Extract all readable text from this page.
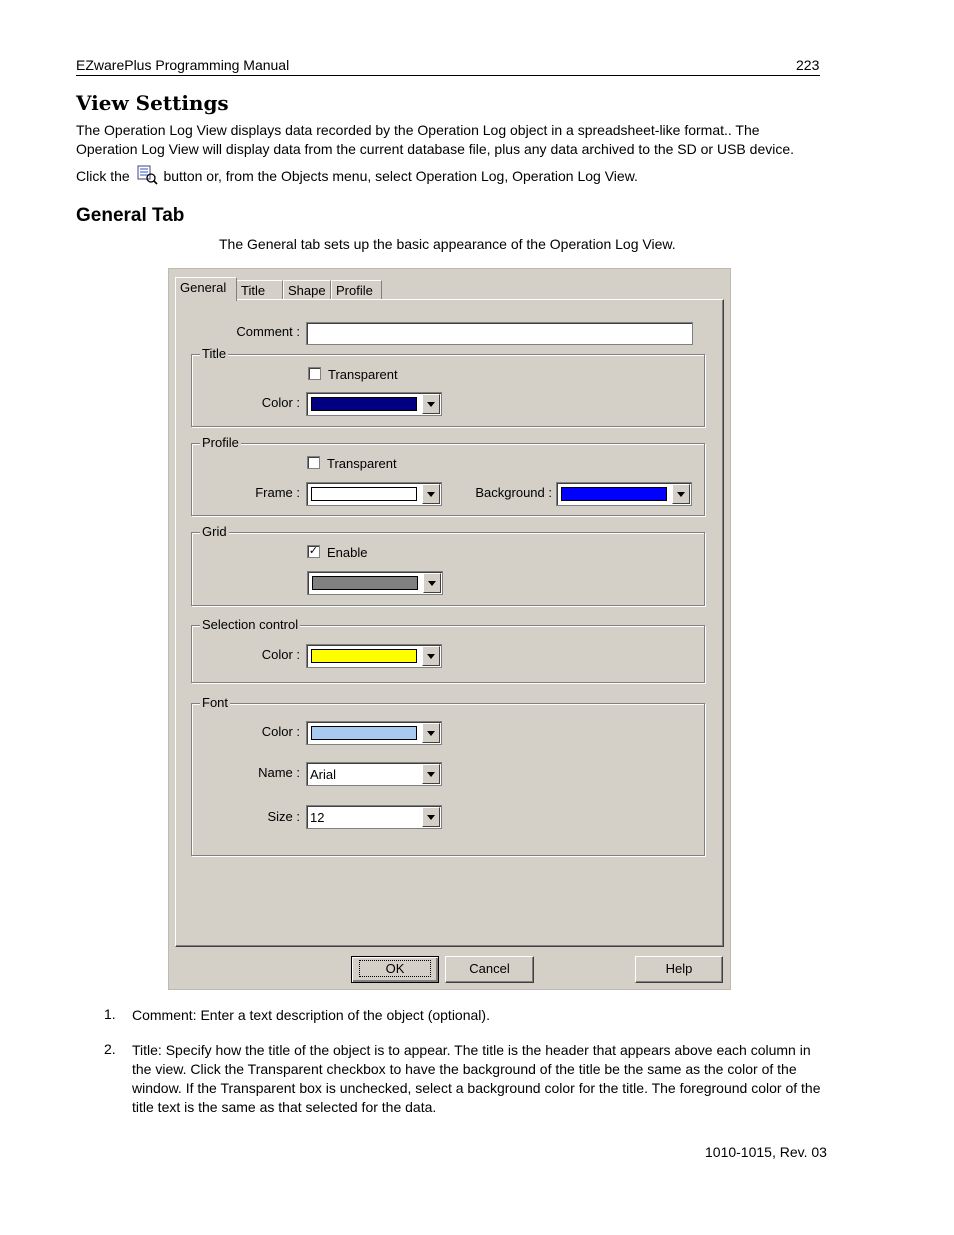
EZwarePlus Programming Manual	223
View Settings
The Operation Log View displays data recorded by the Operation Log object in a spreadsheet-like format.. The
Operation Log View will display data from the current database file, plus any data archived to the SD or USB device.
Click the button or, from the Objects menu, select Operation Log, Operation Log View.
General Tab
The General tab sets up the basic appearance of the Operation Log View.
General	Title	Shape Profile
Comment :
Title
Transparent
Color :
Profile
Transparent
Frame :	Background :
Grid
✓ Enable
Selection control
Color :
Font
Color :
Name : Arial
Size : 12
OK	Cancel	Help
1. Comment: Enter a text description of the object (optional).
2. Title: Specify how the title of the object is to appear. The title is the header that appears above each column in the view. Click the Transparent checkbox to have the background of the title be the same as the color of the window. If the Transparent box is unchecked, select a background color for the title. The foreground color of the title text is the same as that selected for the data.
1010-1015, Rev. 03
